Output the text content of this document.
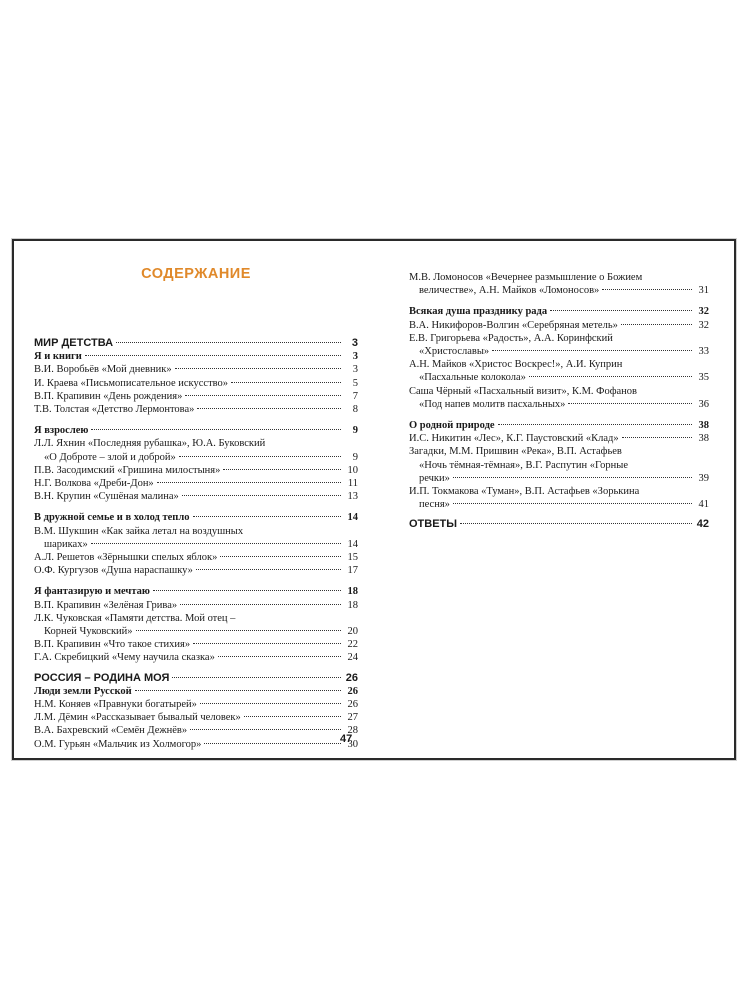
СОДЕРЖАНИЕ
МИР ДЕТСТВА	3
Я и книги	3
В.И. Воробьёв «Мой дневник»	3
И. Краева «Письмописательное искусство»	5
В.П. Крапивин «День рождения»	7
Т.В. Толстая «Детство Лермонтова»	8
Я взрослею	9
Л.Л. Яхнин «Последняя рубашка», Ю.А. Буковский
«О Доброте – злой и доброй»	9
П.В. Засодимский «Гришина милостыня»	10
Н.Г. Волкова «Дреби-Дон»	11
В.Н. Крупин «Сушёная малина»	13
В дружной семье и в холод тепло	14
В.М. Шукшин «Как зайка летал на воздушных
шариках»	14
А.Л. Решетов «Зёрнышки спелых яблок»	15
О.Ф. Кургузов «Душа нараспашку»	17
Я фантазирую и мечтаю	18
В.П. Крапивин «Зелёная Грива»	18
Л.К. Чуковская «Памяти детства. Мой отец –
Корней Чуковский»	20
В.П. Крапивин «Что такое стихия»	22
Г.А. Скребицкий «Чему научила сказка»	24
РОССИЯ – РОДИНА МОЯ	26
Люди земли Русской	26
Н.М. Коняев «Правнуки богатырей»	26
Л.М. Дёмин «Рассказывает бывалый человек»	27
В.А. Бахревский «Семён Дежнёв»	28
О.М. Гурьян «Мальчик из Холмогор»	30
М.В. Ломоносов «Вечернее размышление о Божием
величестве», А.Н. Майков «Ломоносов»	31
Всякая душа празднику рада	32
В.А. Никифоров-Волгин «Серебряная метель»	32
Е.В. Григорьева «Радость», А.А. Коринфский
«Христославы»	33
А.Н. Майков «Христос Воскрес!», А.И. Куприн
«Пасхальные колокола»	35
Саша Чёрный «Пасхальный визит», К.М. Фофанов
«Под напев молитв пасхальных»	36
О родной природе	38
И.С. Никитин «Лес», К.Г. Паустовский «Клад»	38
Загадки, М.М. Пришвин «Река», В.П. Астафьев
«Ночь тёмная-тёмная», В.Г. Распутин «Горные
речки»	39
И.П. Токмакова «Туман», В.П. Астафьев «Зорькина
песня»	41
ОТВЕТЫ	42
47
